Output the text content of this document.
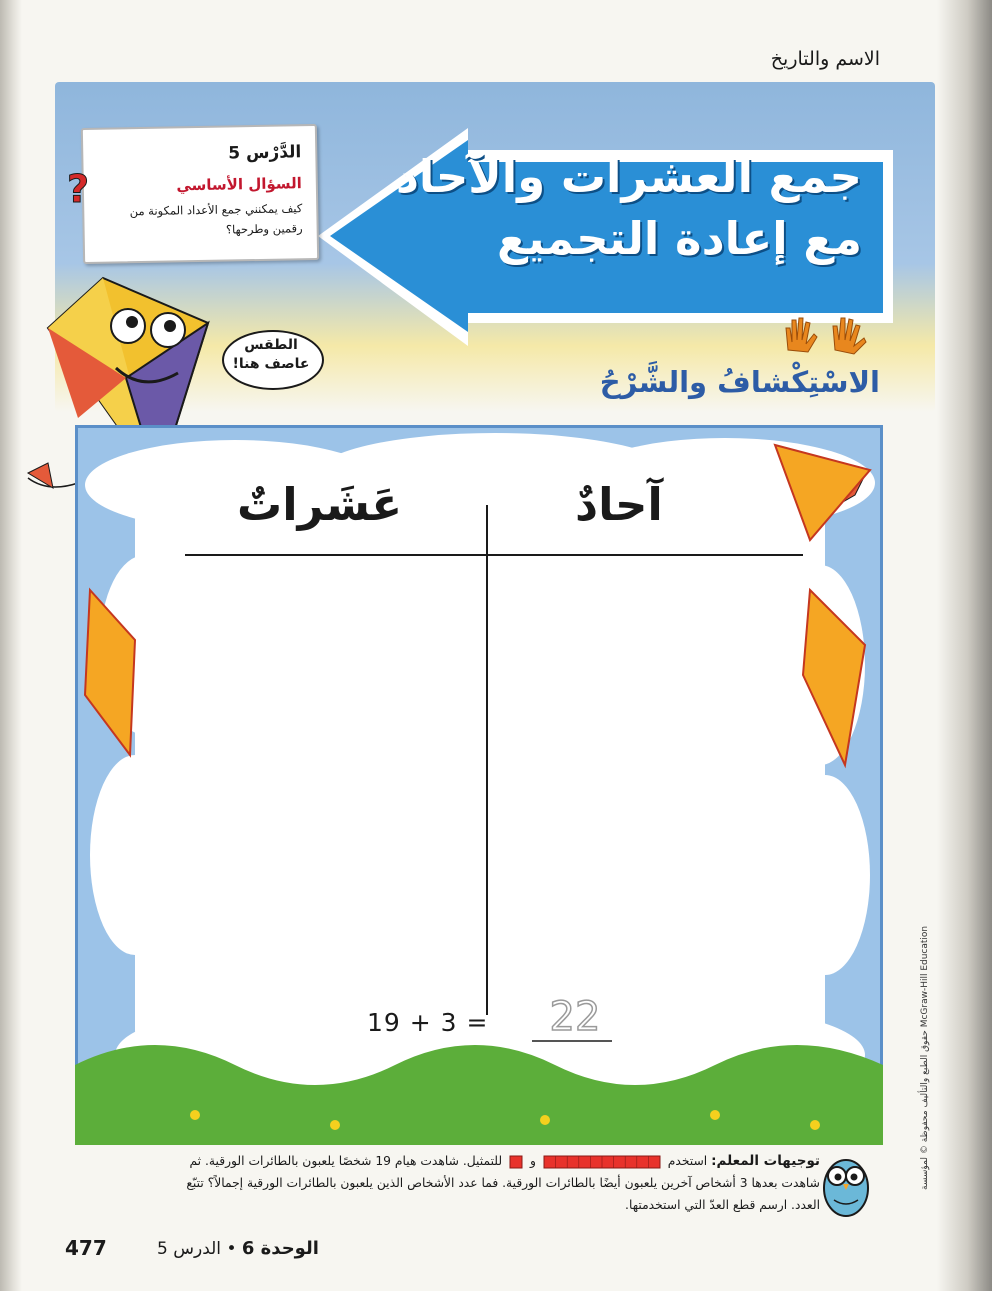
الاسم والتاريخ
جمع العشرات والآحاد
مع إعادة التجميع
الدَّرْس 5
السؤال الأساسي
كيف يمكنني جمع الأعداد المكونة من رقمين وطرحها؟
?
الطقس
عاصف هنا!
الاسْتِكْشافُ والشَّرْحُ
آحادٌ
عَشَراتٌ
19 + 3 = 22
توجيهات المعلم: استخدم  و  للتمثيل. شاهدت هيام 19 شخصًا يلعبون بالطائرات الورقية. ثم شاهدت بعدها 3 أشخاص آخرين يلعبون أيضًا بالطائرات الورقية. فما عدد الأشخاص الذين يلعبون بالطائرات الورقية إجمالاً؟ تتبّع العدد. ارسم قطع العدّ التي استخدمتها.
الوحدة 6 • الدرس 5
477
حقوق الطبع والتأليف محفوظة © لمؤسسة McGraw-Hill Education
